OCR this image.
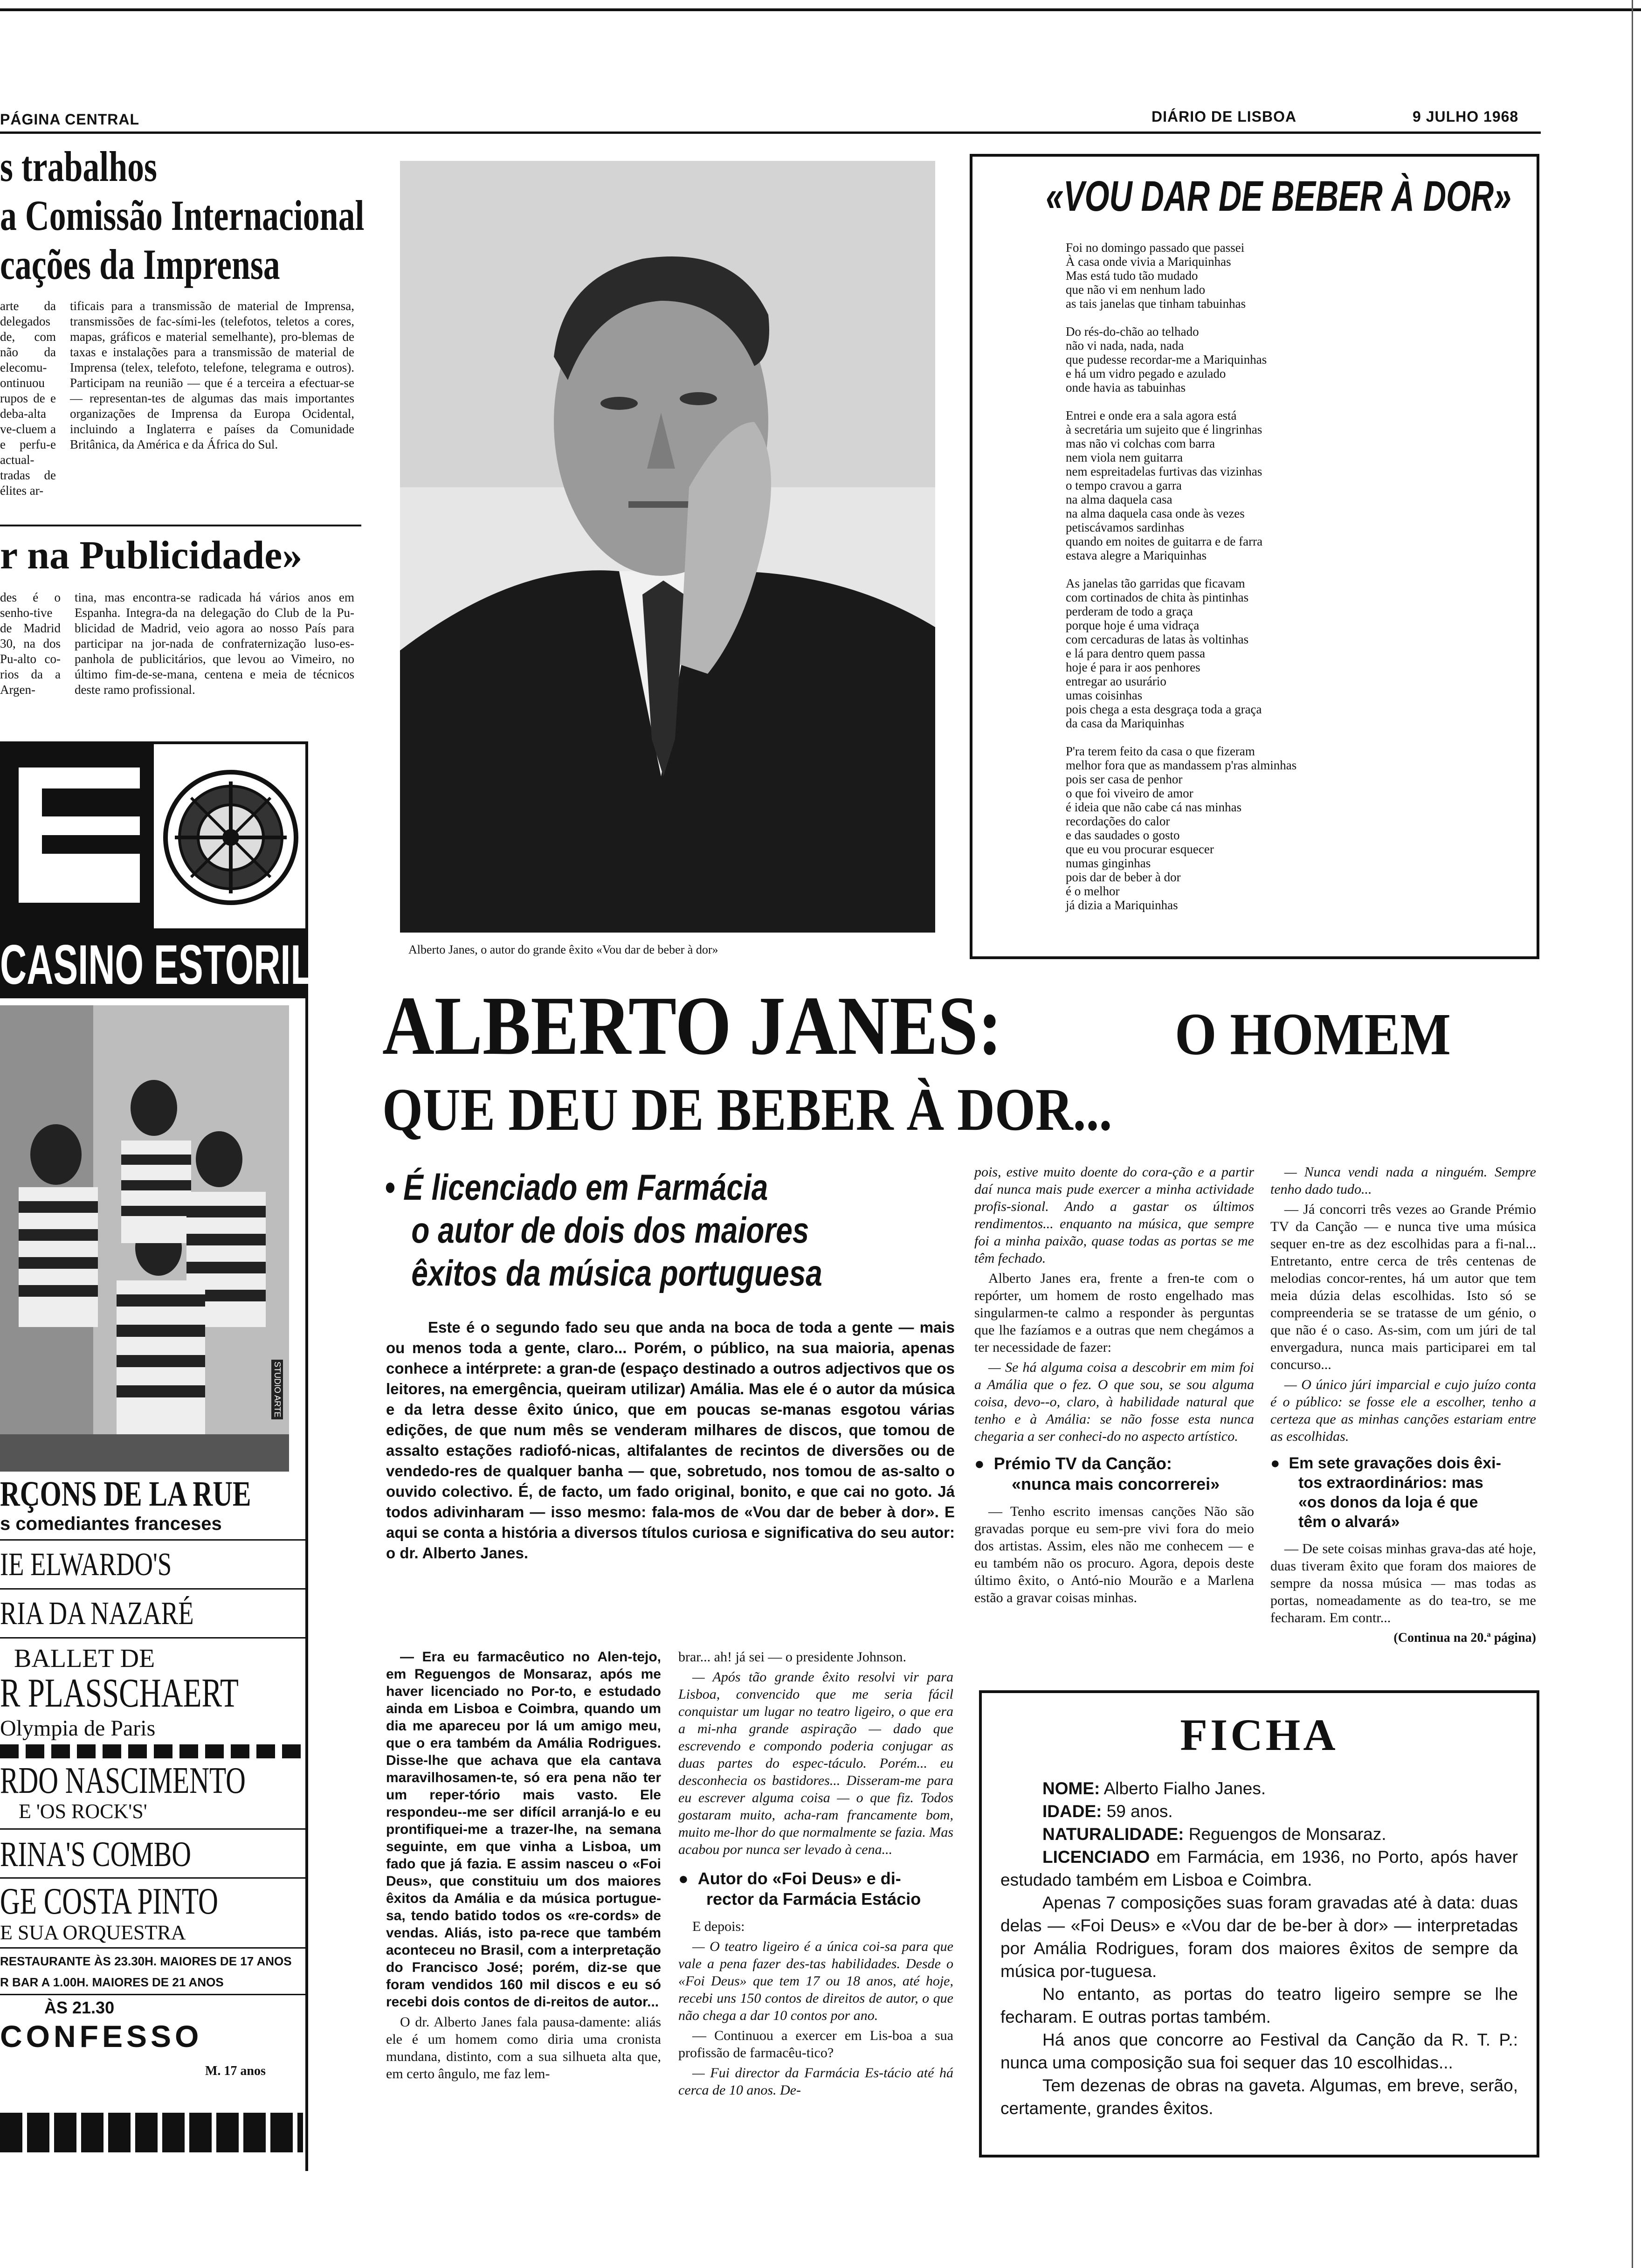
PÁGINA CENTRAL	DIÁRIO DE LISBOA	9 JULHO 1968
s trabalhos
a Comissão Internacional
cações da Imprensa
arte da delegados de, com não da elecomu-ontinuou rupos de e deba-alta ve-cluem a e perfu-e actual-tradas de élites ar-
tificais para a transmissão de material de Imprensa, transmissões de fac-sími-les (telefotos, teletos a cores, mapas, gráficos e material semelhante), pro-blemas de taxas e instalações para a transmissão de material de Imprensa (telex, telefoto, telefone, telegrama e outros). Participam na reunião — que é a terceira a efectuar-se — representan-tes de algumas das mais importantes organizações de Imprensa da Europa Ocidental, incluindo a Inglaterra e países da Comunidade Britânica, da América e da África do Sul.
r na Publicidade»
des é o senho-tive de Madrid 30, na dos Pu-alto co-rios da a Argen-
tina, mas encontra-se radicada há vários anos em Espanha. Integra-da na delegação do Club de la Pu-blicidad de Madrid, veio agora ao nosso País para participar na jor-nada de confraternização luso-es-panhola de publicitários, que levou ao Vimeiro, no último fim-de-se-mana, centena e meia de técnicos deste ramo profissional.
CASINO ESTORIL
STUDIO ARTE
RÇONS DE LA RUE
s comediantes franceses
IE ELWARDO'S
RIA DA NAZARÉ
BALLET DE
R PLASSCHAERT
Olympia de Paris
RDO NASCIMENTO
E 'OS ROCK'S'
RINA'S COMBO
GE COSTA PINTO
E SUA ORQUESTRA
RESTAURANTE ÀS 23.30H. MAIORES DE 17 ANOS
R BAR A 1.00H. MAIORES DE 21 ANOS
ÀS 21.30
CONFESSO
M. 17 anos
Alberto Janes, o autor do grande êxito «Vou dar de beber à dor»
«VOU DAR DE BEBER À DOR»
Foi no domingo passado que passei
À casa onde vivia a Mariquinhas
Mas está tudo tão mudado
que não vi em nenhum lado
as tais janelas que tinham tabuinhas
Do rés-do-chão ao telhado
não vi nada, nada, nada
que pudesse recordar-me a Mariquinhas
e há um vidro pegado e azulado
onde havia as tabuinhas
Entrei e onde era a sala agora está
à secretária um sujeito que é lingrinhas
mas não vi colchas com barra
nem viola nem guitarra
nem espreitadelas furtivas das vizinhas
o tempo cravou a garra
na alma daquela casa
na alma daquela casa onde às vezes
petiscávamos sardinhas
quando em noites de guitarra e de farra
estava alegre a Mariquinhas
As janelas tão garridas que ficavam
com cortinados de chita às pintinhas
perderam de todo a graça
porque hoje é uma vidraça
com cercaduras de latas às voltinhas
e lá para dentro quem passa
hoje é para ir aos penhores
entregar ao usurário
umas coisinhas
pois chega a esta desgraça toda a graça
da casa da Mariquinhas
P'ra terem feito da casa o que fizeram
melhor fora que as mandassem p'ras alminhas
pois ser casa de penhor
o que foi viveiro de amor
é ideia que não cabe cá nas minhas
recordações do calor
e das saudades o gosto
que eu vou procurar esquecer
numas ginginhas
pois dar de beber à dor
é o melhor
já dizia a Mariquinhas
ALBERTO JANES:	O HOMEM
QUE DEU DE BEBER À DOR...
• É licenciado em Farmácia
o autor de dois dos maiores
êxitos da música portuguesa
Este é o segundo fado seu que anda na boca de toda a gente — mais ou menos toda a gente, claro... Porém, o público, na sua maioria, apenas conhece a intérprete: a gran-de (espaço destinado a outros adjectivos que os leitores, na emergência, queiram utilizar) Amália. Mas ele é o autor da música e da letra desse êxito único, que em poucas se-manas esgotou várias edições, de que num mês se venderam milhares de discos, que tomou de assalto estações radiofó-nicas, altifalantes de recintos de diversões ou de vendedo-res de qualquer banha — que, sobretudo, nos tomou de as-salto o ouvido colectivo. É, de facto, um fado original, bonito, e que cai no goto. Já todos adivinharam — isso mesmo: fala-mos de «Vou dar de beber à dor». E aqui se conta a história a diversos títulos curiosa e significativa do seu autor: o dr. Alberto Janes.

— Era eu farmacêutico no Alen-tejo, em Reguengos de Monsaraz, após me haver licenciado no Por-to, e estudado ainda em Lisboa e Coimbra, quando um dia me apareceu por lá um amigo meu, que o era também da Amália Rodrigues. Disse-lhe que achava que ela cantava maravilhosamen-te, só era pena não ter um reper-tório mais vasto. Ele respondeu--me ser difícil arranjá-lo e eu prontifiquei-me a trazer-lhe, na semana seguinte, em que vinha a Lisboa, um fado que já fazia. E assim nasceu o «Foi Deus», que constituiu um dos maiores êxitos da Amália e da música portugue-sa, tendo batido todos os «re-cords» de vendas. Aliás, isto pa-rece que também aconteceu no Brasil, com a interpretação do Francisco José; porém, diz-se que foram vendidos 160 mil discos e eu só recebi dois contos de di-reitos de autor...

O dr. Alberto Janes fala pausa-damente: aliás ele é um homem como diria uma cronista mundana, distinto, com a sua silhueta alta que, em certo ângulo, me faz lem-

brar... ah! já sei — o presidente Johnson.

— Após tão grande êxito resolvi vir para Lisboa, convencido que me seria fácil conquistar um lugar no teatro ligeiro, o que era a mi-nha grande aspiração — dado que escrevendo e compondo poderia conjugar as duas partes do espec-táculo. Porém... eu desconhecia os bastidores... Disseram-me para eu escrever alguma coisa — o que fiz. Todos gostaram muito, acha-ram francamente bom, muito me-lhor do que normalmente se fazia. Mas acabou por nunca ser levado à cena...

●  Autor do «Foi Deus» e di-
rector da Farmácia Estácio

E depois:

— O teatro ligeiro é a única coi-sa para que vale a pena fazer des-tas habilidades. Desde o «Foi Deus» que tem 17 ou 18 anos, até hoje, recebi uns 150 contos de direitos de autor, o que não chega a dar 10 contos por ano.

— Continuou a exercer em Lis-boa a sua profissão de farmacêu-tico?

— Fui director da Farmácia Es-tácio até há cerca de 10 anos. De-

pois, estive muito doente do cora-ção e a partir daí nunca mais pude exercer a minha actividade profis-sional. Ando a gastar os últimos rendimentos... enquanto na música, que sempre foi a minha paixão, quase todas as portas se me têm fechado.

Alberto Janes era, frente a fren-te com o repórter, um homem de rosto engelhado mas singularmen-te calmo a responder às perguntas que lhe fazíamos e a outras que nem chegámos a ter necessidade de fazer:

— Se há alguma coisa a descobrir em mim foi a Amália que o fez. O que sou, se sou alguma coisa, devo--o, claro, à habilidade natural que tenho e à Amália: se não fosse esta nunca chegaria a ser conheci-do no aspecto artístico.

●  Prémio TV da Canção:
«nunca mais concorrerei»

— Tenho escrito imensas canções Não são gravadas porque eu sem-pre vivi fora do meio dos artistas. Assim, eles não me conhecem — e eu também não os procuro. Agora, depois deste último êxito, o Antó-nio Mourão e a Marlena estão a gravar coisas minhas.

— Nunca vendi nada a ninguém. Sempre tenho dado tudo...

— Já concorri três vezes ao Grande Prémio TV da Canção — e nunca tive uma música sequer en-tre as dez escolhidas para a fi-nal... Entretanto, entre cerca de três centenas de melodias concor-rentes, há um autor que tem meia dúzia delas escolhidas. Isto só se compreenderia se se tratasse de um génio, o que não é o caso. As-sim, com um júri de tal envergadura, nunca mais participarei em tal concurso...

— O único júri imparcial e cujo juízo conta é o público: se fosse ele a escolher, tenho a certeza que as minhas canções estariam entre as escolhidas.

●  Em sete gravações dois êxi-
tos extraordinários: mas
«os donos da loja é que
têm o alvará»

— De sete coisas minhas grava-das até hoje, duas tiveram êxito que foram dos maiores de sempre da nossa música — mas todas as portas, nomeadamente as do tea-tro, se me fecharam. Em contr...

(Continua na 20.ª página)
FICHA
NOME: Alberto Fialho Janes.
IDADE: 59 anos.
NATURALIDADE: Reguengos de Monsaraz.
LICENCIADO em Farmácia, em 1936, no Porto, após haver estudado também em Lisboa e Coimbra.
Apenas 7 composições suas foram gravadas até à data: duas delas — «Foi Deus» e «Vou dar de be-ber à dor» — interpretadas por Amália Rodrigues, foram dos maiores êxitos de sempre da música por-tuguesa.
No entanto, as portas do teatro ligeiro sempre se lhe fecharam. E outras portas também.
Há anos que concorre ao Festival da Canção da R. T. P.: nunca uma composição sua foi sequer das 10 escolhidas...
Tem dezenas de obras na gaveta. Algumas, em breve, serão, certamente, grandes êxitos.
